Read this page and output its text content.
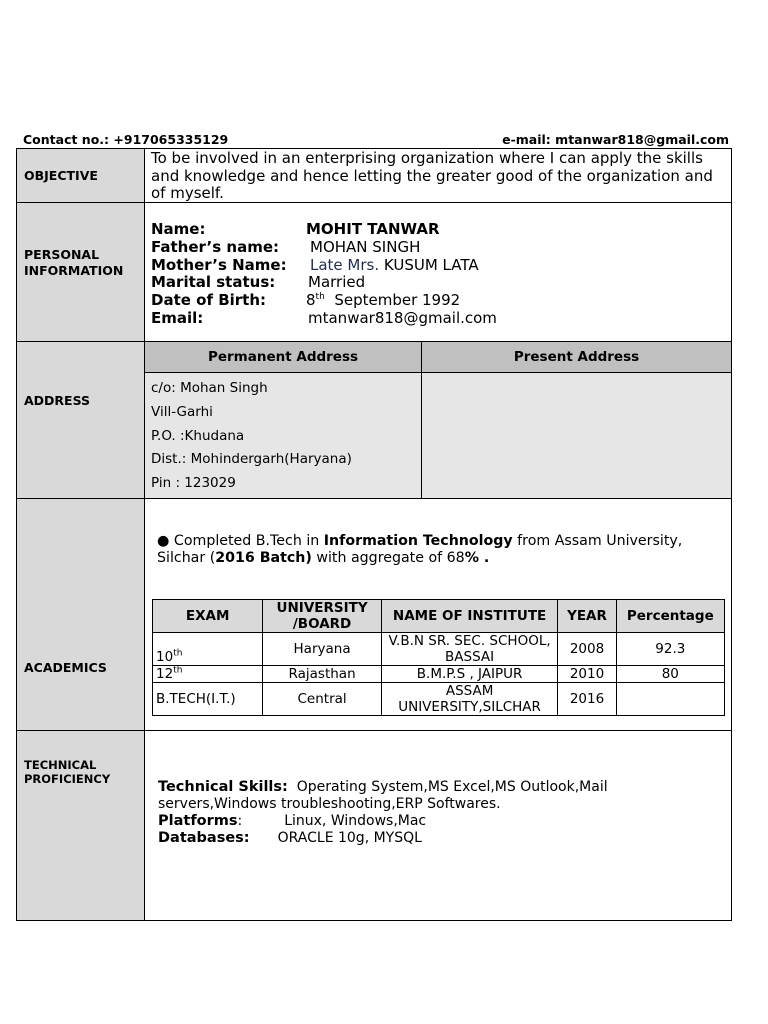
Contact no.: +917065335129	e-mail: mtanwar818@gmail.com
OBJECTIVE
To be involved in an enterprising organization where I can apply the skills and knowledge and hence letting the greater good of the organization and of myself.
PERSONAL
INFORMATION
Name:	MOHIT TANWAR
Father’s name: MOHAN SINGH
Mother’s Name: Late Mrs. KUSUM LATA
Marital status: Married
Date of Birth:	8th September 1992
Email:	mtanwar818@gmail.com
ADDRESS
Permanent Address	Present Address
c/o: Mohan Singh
Vill-Garhi
P.O. :Khudana
Dist.: Mohindergarh(Haryana)
Pin : 123029
ACADEMICS
● Completed B.Tech in Information Technology from Assam University, Silchar (2016 Batch) with aggregate of 68% .
EXAM	UNIVERSITY /BOARD	NAME OF INSTITUTE	YEAR	Percentage
10th	Haryana	V.B.N SR. SEC. SCHOOL, BASSAI	2008	92.3
12th	Rajasthan	B.M.P.S , JAIPUR	2010	80
B.TECH(I.T.)	Central	ASSAM UNIVERSITY,SILCHAR	2016	
TECHNICAL
PROFICIENCY	Technical Skills: Operating System,MS Excel,MS Outlook,Mail servers,Windows troubleshooting,ERP Softwares.
Platforms:	Linux, Windows,Mac
Databases: ORACLE 10g, MYSQL
